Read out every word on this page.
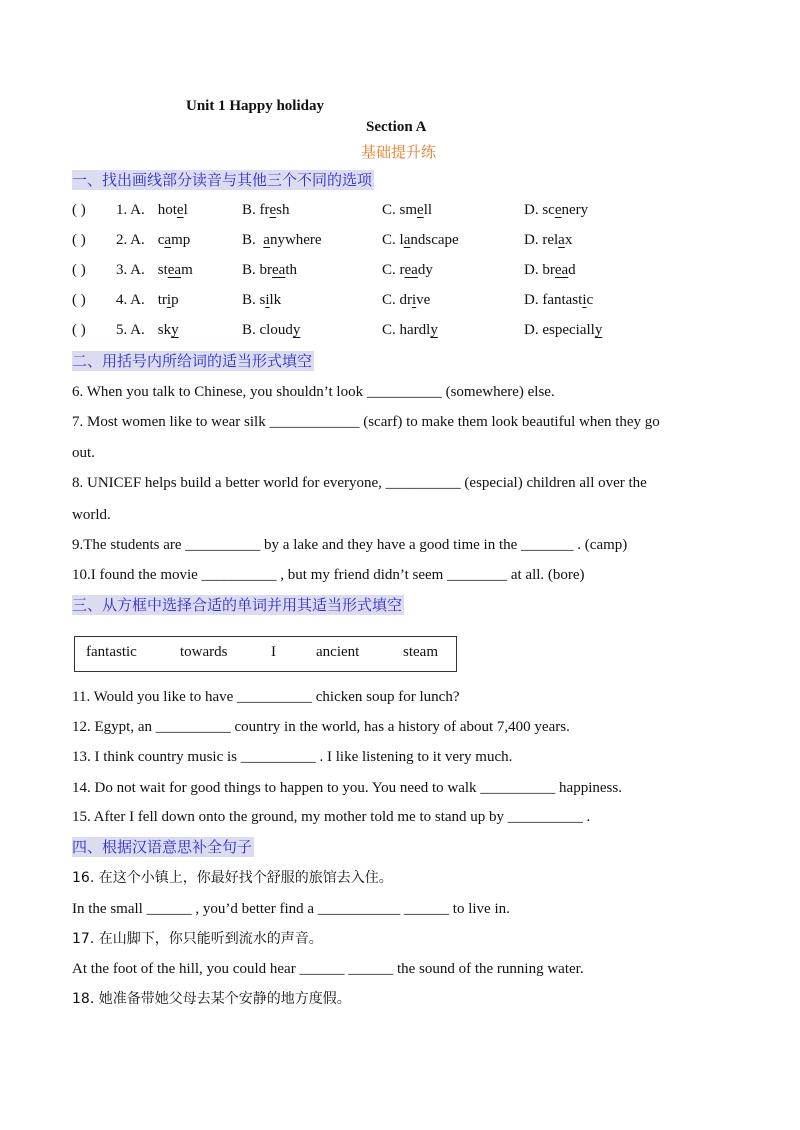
Unit 1 Happy holiday
Section A
基础提升练
一、找出画线部分读音与其他三个不同的选项
( ) 1. A. hotel	B. fresh	C. smell	D. scenery
( ) 2. A. camp	B.  anywhere	C. landscape	D. relax
( ) 3. A. steam	B. breath	C. ready	D. bread
( ) 4. A. trip	B. silk	C. drive	D. fantastic
( ) 5. A. sky	B. cloudy	C. hardly	D. especially
二、用括号内所给词的适当形式填空
6. When you talk to Chinese, you shouldn’t look __________ (somewhere) else.
7. Most women like to wear silk ____________ (scarf) to make them look beautiful when they go
out.
8. UNICEF helps build a better world for everyone, __________ (especial) children all over the
world.
9.The students are __________ by a lake and they have a good time in the _______ . (camp)
10.I found the movie __________ , but my friend didn’t seem ________ at all. (bore)
三、从方框中选择合适的单词并用其适当形式填空
fantastic	towards	I	ancient	steam
11. Would you like to have __________ chicken soup for lunch?
12. Egypt, an __________ country in the world, has a history of about 7,400 years.
13. I think country music is __________ . I like listening to it very much.
14. Do not wait for good things to happen to you. You need to walk __________ happiness.
15. After I fell down onto the ground, my mother told me to stand up by __________ .
四、根据汉语意思补全句子
16. 在这个小镇上，你最好找个舒服的旅馆去入住。
In the small ______ , you’d better find a ___________ ______ to live in.
17. 在山脚下，你只能听到流水的声音。
At the foot of the hill, you could hear ______ ______ the sound of the running water.
18. 她准备带她父母去某个安静的地方度假。
